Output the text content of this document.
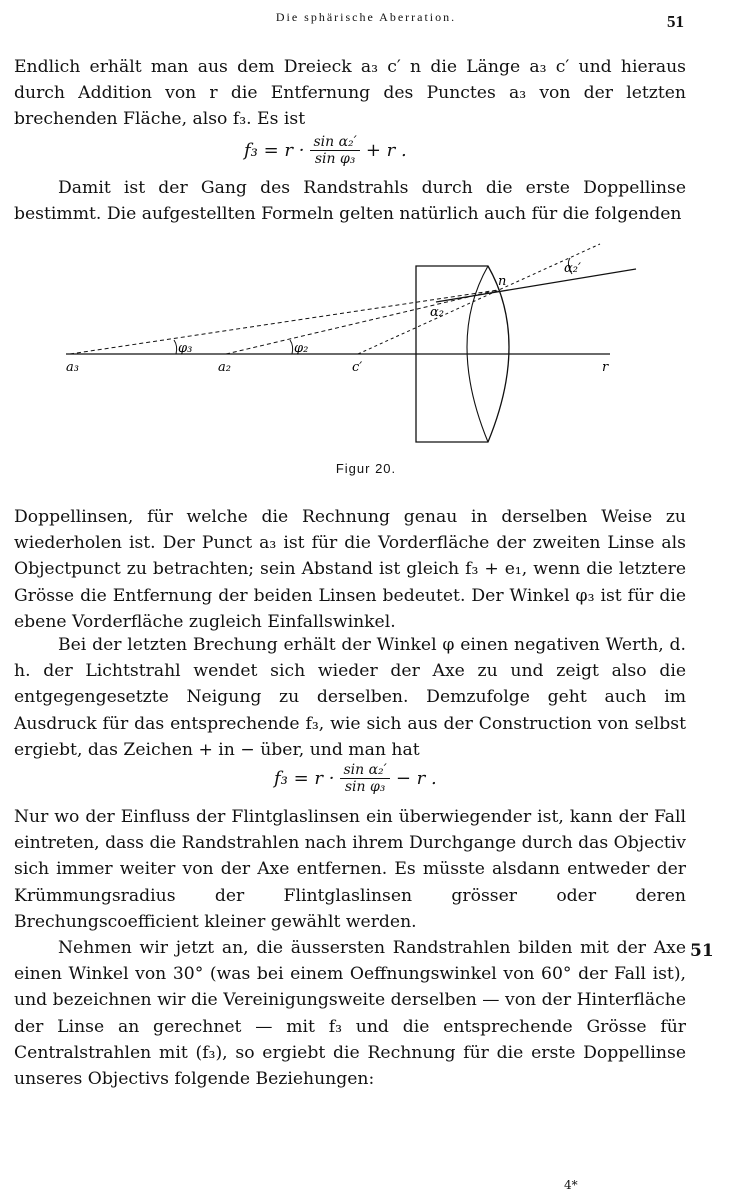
Die sphärische Aberration.	51

Endlich erhält man aus dem Dreieck a₃ c′ n die Länge a₃ c′ und hieraus durch Addition von r die Entfernung des Punctes a₃ von der letzten brechenden Fläche, also f₃. Es ist

$f_3 = r \cdot \frac{\text{sin α₂′}}{\text{sin φ₃}} + r$ .

Damit ist der Gang des Randstrahls durch die erste Doppellinse bestimmt. Die aufgestellten Formeln gelten natürlich auch für die folgenden

a₃	a₂	c′	r
n
φ₃	φ₂
α₂
α₂′
Figur 20.

Doppellinsen, für welche die Rechnung genau in derselben Weise zu wiederholen ist. Der Punct a₃ ist für die Vorderfläche der zweiten Linse als Objectpunct zu betrachten; sein Abstand ist gleich f₃ + e₁, wenn die letztere Grösse die Entfernung der beiden Linsen bedeutet. Der Winkel φ₃ ist für die ebene Vorderfläche zugleich Einfallswinkel.

Bei der letzten Brechung erhält der Winkel φ einen negativen Werth, d. h. der Lichtstrahl wendet sich wieder der Axe zu und zeigt also die entgegengesetzte Neigung zu derselben. Demzufolge geht auch im Ausdruck für das entsprechende f₃, wie sich aus der Construction von selbst ergiebt, das Zeichen + in − über, und man hat

$f_3 = r \cdot \frac{\text{sin α₂′}}{\text{sin φ₃}} - r$ .

Nur wo der Einfluss der Flintglaslinsen ein überwiegender ist, kann der Fall eintreten, dass die Randstrahlen nach ihrem Durchgange durch das Objectiv sich immer weiter von der Axe entfernen. Es müsste alsdann entweder der Krümmungsradius der Flintglaslinsen grösser oder deren Brechungscoefficient kleiner gewählt werden.

Nehmen wir jetzt an, die äussersten Randstrahlen bilden mit der Axe einen Winkel von 30° (was bei einem Oeffnungswinkel von 60° der Fall ist), und bezeichnen wir die Vereinigungsweite derselben — von der Hinterfläche der Linse an gerechnet — mit f₃ und die entsprechende Grösse für Centralstrahlen mit (f₃), so ergiebt die Rechnung für die erste Doppellinse unseres Objectivs folgende Beziehungen:

51
4*
